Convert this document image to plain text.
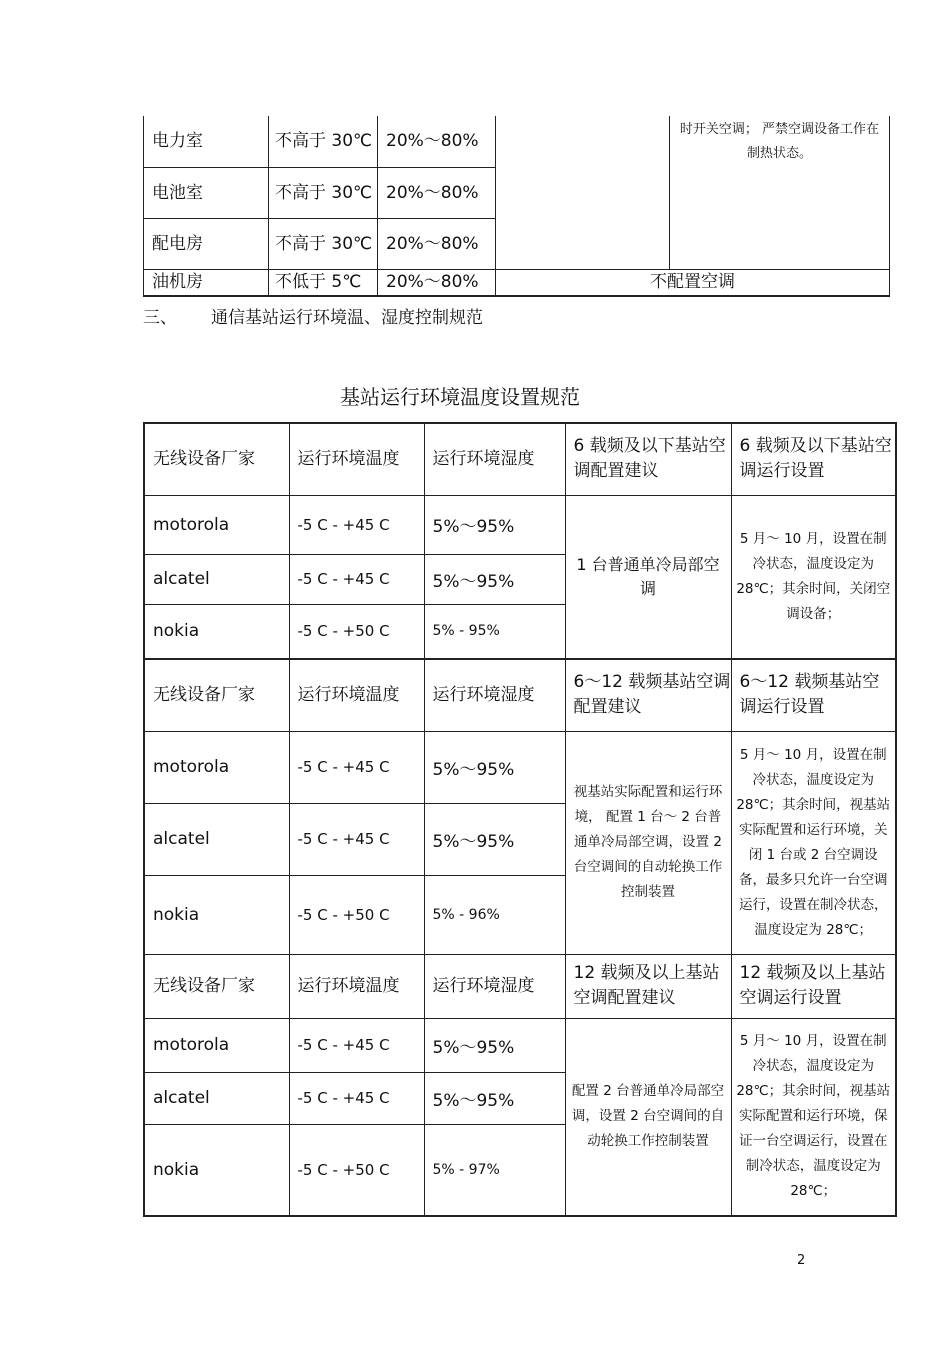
电力室	不高于 30℃	20%～80%		时开关空调； 严禁空调设备工作在制热状态。
电池室	不高于 30℃	20%～80%		
配电房	不高于 30℃	20%～80%		
油机房	不低于 5℃	20%～80%	不配置空调	
三、 通信基站运行环境温、湿度控制规范
基站运行环境温度设置规范
无线设备厂家	运行环境温度	运行环境湿度	6 载频及以下基站空调配置建议	6 载频及以下基站空调运行设置
motorola	-5 C - +45 C	5%～95%	1 台普通单冷局部空调	5 月～ 10 月，设置在制冷状态，温度设定为 28℃；其余时间，关闭空调设备；
alcatel	-5 C - +45 C	5%～95%		
nokia	-5 C - +50 C	5% - 95%		
无线设备厂家	运行环境温度	运行环境湿度	6～12 载频基站空调配置建议	6～12 载频基站空调运行设置
motorola	-5 C - +45 C	5%～95%	视基站实际配置和运行环境， 配置 1 台～ 2 台普通单冷局部空调，设置 2 台空调间的自动轮换工作控制装置	5 月～ 10 月，设置在制冷状态，温度设定为 28℃；其余时间，视基站实际配置和运行环境，关闭 1 台或 2 台空调设备，最多只允许一台空调运行，设置在制冷状态，温度设定为 28℃；
alcatel	-5 C - +45 C	5%～95%		
nokia	-5 C - +50 C	5% - 96%		
无线设备厂家	运行环境温度	运行环境湿度	12 载频及以上基站空调配置建议	12 载频及以上基站空调运行设置
motorola	-5 C - +45 C	5%～95%	配置 2 台普通单冷局部空调，设置 2 台空调间的自动轮换工作控制装置	5 月～ 10 月，设置在制冷状态，温度设定为 28℃；其余时间，视基站实际配置和运行环境，保证一台空调运行，设置在制冷状态，温度设定为 28℃；
alcatel	-5 C - +45 C	5%～95%		
nokia	-5 C - +50 C	5% - 97%		
2
